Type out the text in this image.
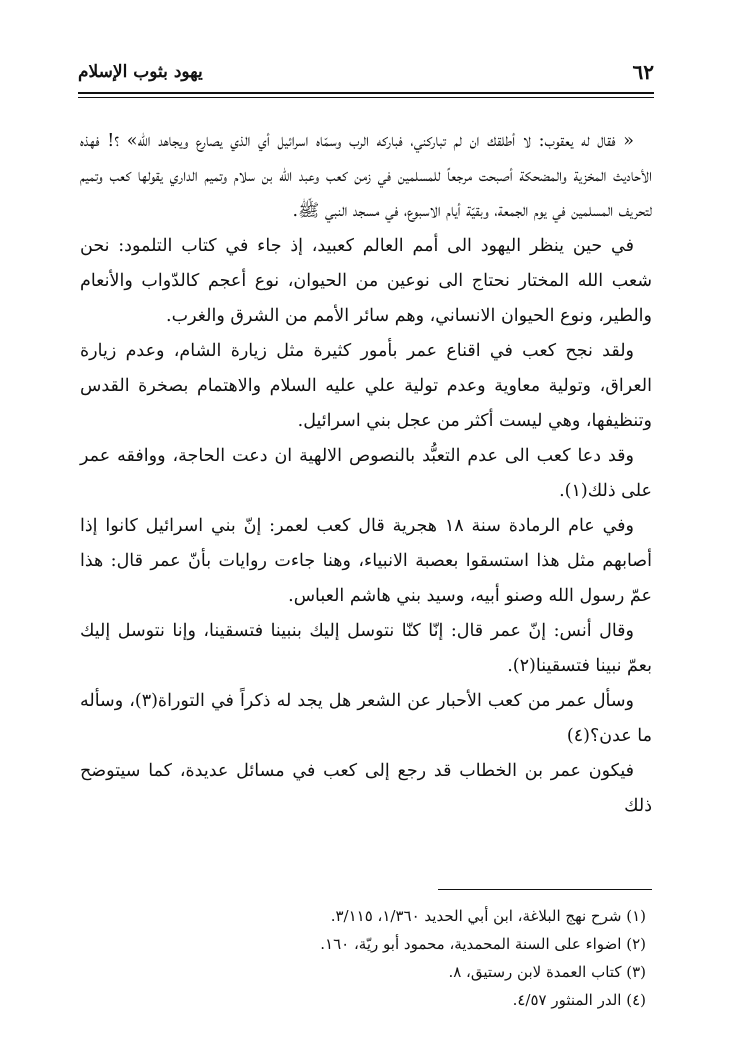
٦٢
يهود بثوب الإسلام

« فقال له يعقوب: لا أطلقك ان لم تباركني، فباركه الرب وسمّاه اسرائيل أي الذي يصارع ويجاهد الله» ؟! فهذه الأحاديث المخزية والمضحكة أصبحت مرجعاً للمسلمين في زمن كعب وعبد الله بن سلام وتميم الداري يقولها كعب وتميم لتحريف المسلمين في يوم الجمعة، وبقيّة أيام الاسبوع، في مسجد النبي ﷺ.

في حين ينظر اليهود الى أمم العالم كعبيد، إذ جاء في كتاب التلمود: نحن شعب الله المختار نحتاج الى نوعين من الحيوان، نوع أعجم كالدّواب والأنعام والطير، ونوع الحيوان الانساني، وهم سائر الأمم من الشرق والغرب.

ولقد نجح كعب في اقناع عمر بأمور كثيرة مثل زيارة الشام، وعدم زيارة العراق، وتولية معاوية وعدم تولية علي عليه السلام والاهتمام بصخرة القدس وتنظيفها، وهي ليست أكثر من عجل بني اسرائيل.

وقد دعا كعب الى عدم التعبُّد بالنصوص الالهية ان دعت الحاجة، ووافقه عمر على ذلك(١).

وفي عام الرمادة سنة ١٨ هجرية قال كعب لعمر: إنّ بني اسرائيل كانوا إذا أصابهم مثل هذا استسقوا بعصبة الانبياء، وهنا جاءت روايات بأنّ عمر قال: هذا عمّ رسول الله وصنو أبيه، وسيد بني هاشم العباس.

وقال أنس: إنّ عمر قال: إنّا كنّا نتوسل إليك بنبينا فتسقينا، وإنا نتوسل إليك بعمّ نبينا فتسقينا(٢).

وسأل عمر من كعب الأحبار عن الشعر هل يجد له ذكراً في التوراة(٣)، وسأله ما عدن؟(٤)

فيكون عمر بن الخطاب قد رجع إلى كعب في مسائل عديدة، كما سيتوضح ذلك

(١) شرح نهج البلاغة، ابن أبي الحديد ١/٣٦٠، ٣/١١٥.
(٢) اضواء على السنة المحمدية، محمود أبو ريّة، ١٦٠.
(٣) كتاب العمدة لابن رستيق، ٨.
(٤) الدر المنثور ٤/٥٧.
